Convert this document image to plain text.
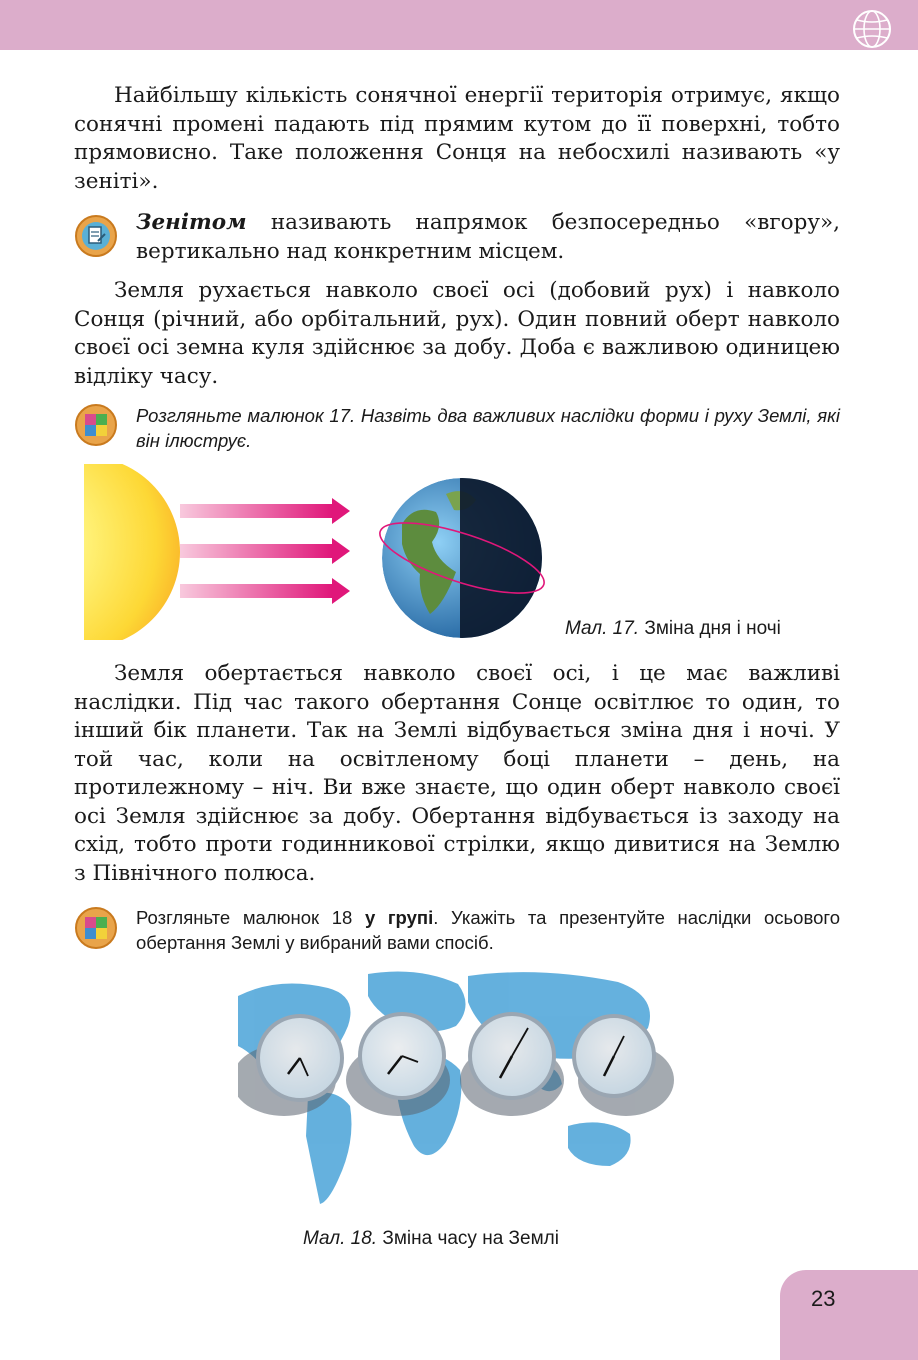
Найбільшу кількість сонячної енергії територія отримує, якщо сонячні промені падають під прямим кутом до її поверхні, тобто прямовисно. Таке положення Сонця на небосхилі називають «у зеніті».

Зенітом називають напрямок безпосередньо «вгору», вертикально над конкретним місцем.

Земля рухається навколо своєї осі (добовий рух) і навколо Сонця (річний, або орбітальний, рух). Один повний оберт навколо своєї осі земна куля здійснює за добу. Доба є важливою одиницею відліку часу.

Розгляньте малюнок 17. Назвіть два важливих наслідки форми і руху Землі, які він ілюструє.

Мал. 17. Зміна дня і ночі

Земля обертається навколо своєї осі, і це має важливі наслідки. Під час такого обертання Сонце освітлює то один, то інший бік планети. Так на Землі відбувається зміна дня і ночі. У той час, коли на освітленому боці планети – день, на протилежному – ніч. Ви вже знаєте, що один оберт навколо своєї осі Земля здійснює за добу. Обертання відбувається із заходу на схід, тобто проти годинникової стрілки, якщо дивитися на Землю з Північного полюса.

Розгляньте малюнок 18 у групі. Укажіть та презентуйте наслідки осьового обертання Землі у вибраний вами спосіб.

Мал. 18. Зміна часу на Землі
23
